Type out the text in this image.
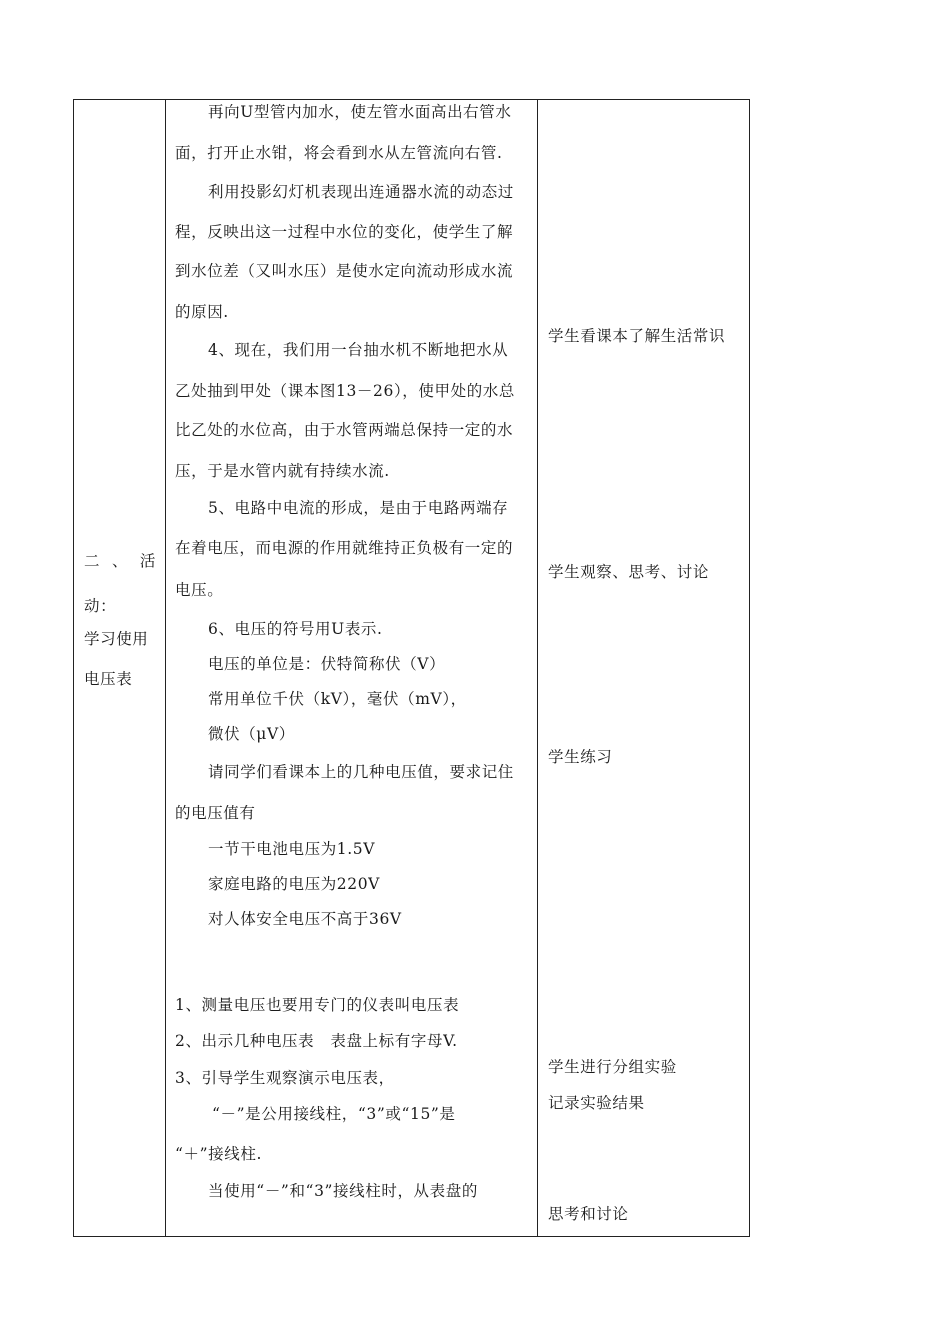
二 、 活
动：
学习使用
电压表
再向U型管内加水，使左管水面高出右管水
面，打开止水钳，将会看到水从左管流向右管.
利用投影幻灯机表现出连通器水流的动态过
程，反映出这一过程中水位的变化，使学生了解
到水位差（又叫水压）是使水定向流动形成水流
的原因.
4、现在，我们用一台抽水机不断地把水从
乙处抽到甲处（课本图13－26），使甲处的水总
比乙处的水位高，由于水管两端总保持一定的水
压，于是水管内就有持续水流.
5、电路中电流的形成，是由于电路两端存
在着电压，而电源的作用就维持正负极有一定的
电压。
6、电压的符号用U表示.
电压的单位是：伏特简称伏（V）
常用单位千伏（kV），毫伏（mV），
微伏（μV）
请同学们看课本上的几种电压值，要求记住
的电压值有
一节干电池电压为1.5V
家庭电路的电压为220V
对人体安全电压不高于36V
1、测量电压也要用专门的仪表叫电压表
2、出示几种电压表　表盘上标有字母V.
3、引导学生观察演示电压表，
“－”是公用接线柱，“3”或“15”是
“＋”接线柱.
当使用“－”和“3”接线柱时，从表盘的
学生看课本了解生活常识
学生观察、思考、讨论
学生练习
学生进行分组实验
记录实验结果
思考和讨论
